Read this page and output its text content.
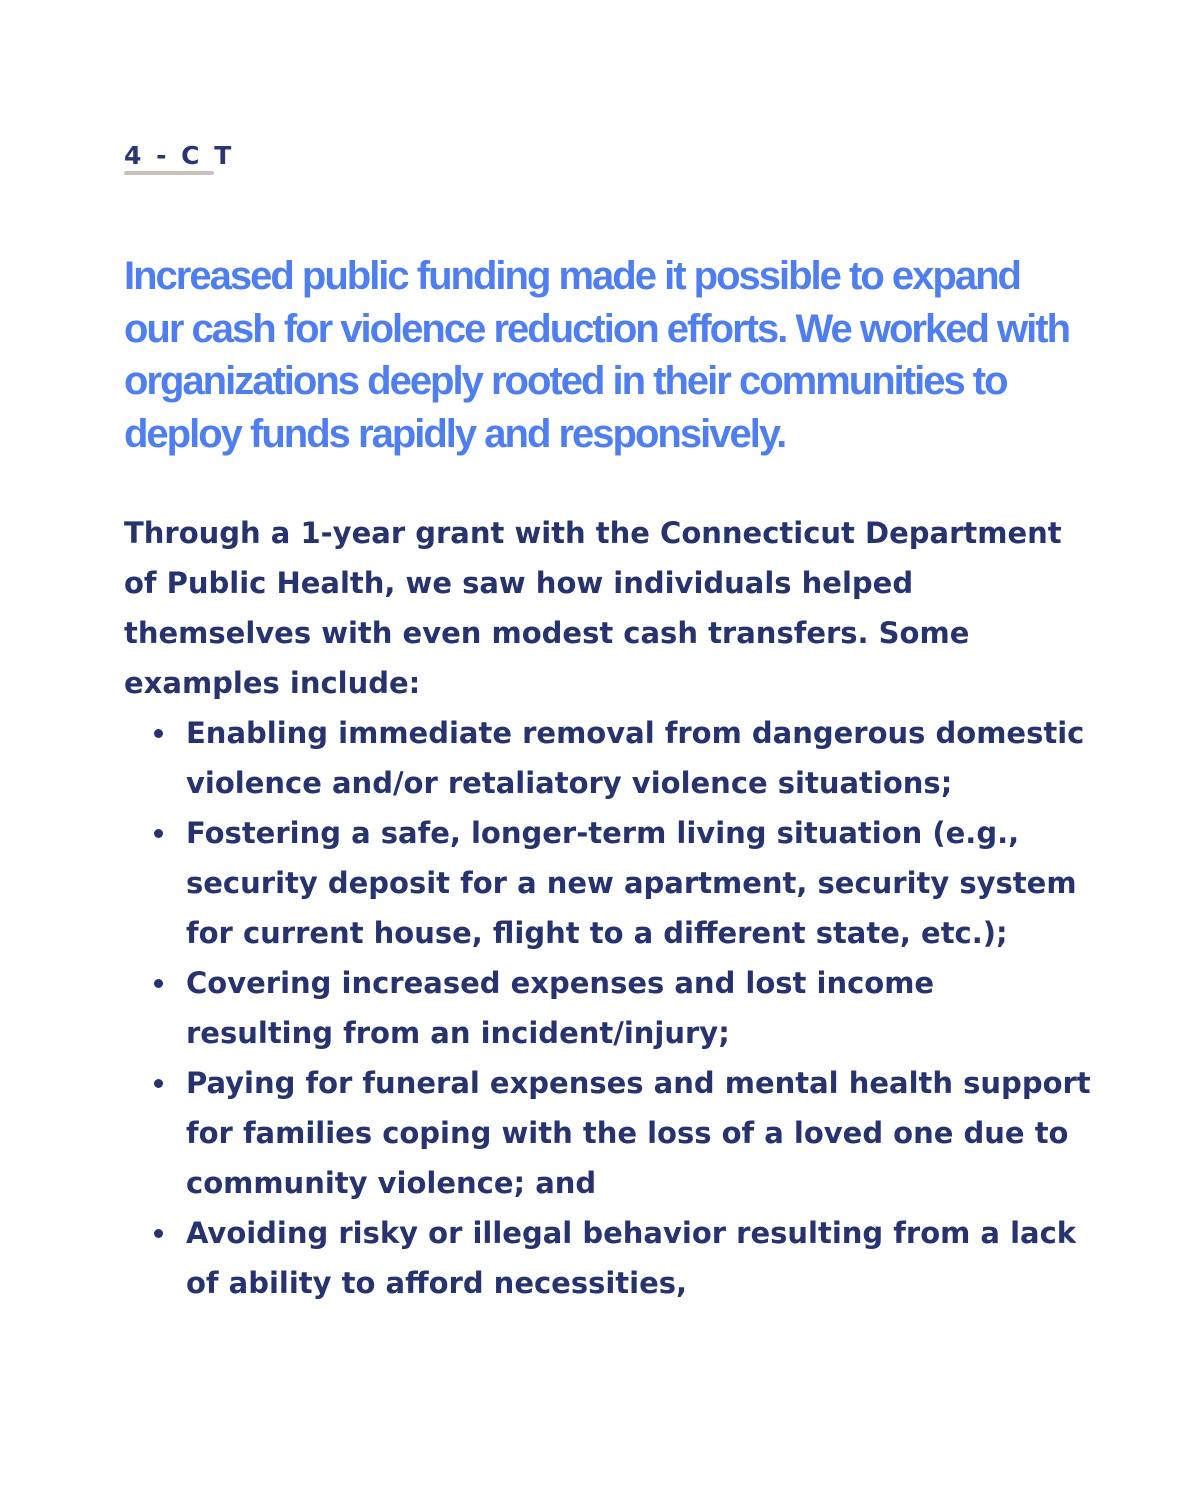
4 - C T
Increased public funding made it possible to expand our cash for violence reduction efforts. We worked with organizations deeply rooted in their communities to deploy funds rapidly and responsively.

Through a 1-year grant with the Connecticut Department of Public Health, we saw how individuals helped themselves with even modest cash transfers. Some examples include:

Enabling immediate removal from dangerous domestic violence and/or retaliatory violence situations;
Fostering a safe, longer-term living situation (e.g., security deposit for a new apartment, security system for current house, flight to a different state, etc.);
Covering increased expenses and lost income resulting from an incident/injury;
Paying for funeral expenses and mental health support for families coping with the loss of a loved one due to community violence; and
Avoiding risky or illegal behavior resulting from a lack of ability to afford necessities,
